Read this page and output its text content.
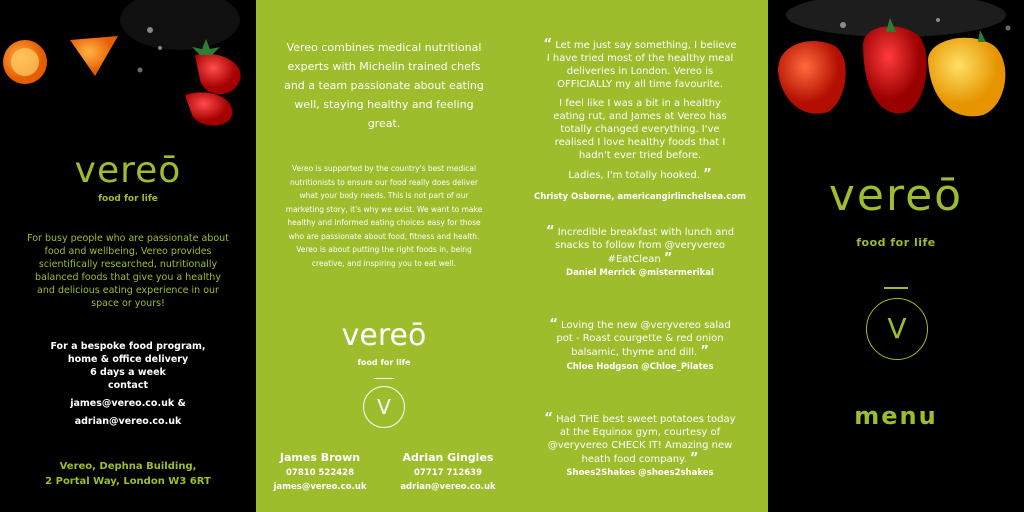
vereō
food for life
For busy people who are passionate about food and wellbeing, Vereo provides scientifically researched, nutritionally balanced foods that give you a healthy and delicious eating experience in our space or yours!
For a bespoke food program,
home & office delivery
6 days a week
contact
james@vereo.co.uk &
adrian@vereo.co.uk
Vereo, Dephna Building,
2 Portal Way, London W3 6RT
Vereo combines medical nutritional experts with Michelin trained chefs and a team passionate about eating well, staying healthy and feeling great.
Vereo is supported by the country's best medical nutritionists to ensure our food really does deliver what your body needs. This is not part of our marketing story, it's why we exist. We want to make healthy and informed eating choices easy for those who are passionate about food, fitness and health. Vereo is about putting the right foods in, being creative, and inspiring you to eat well.
vereō
food for life
V
James Brown
07810 522428
james@vereo.co.uk
Adrian Gingles
07717 712639
adrian@vereo.co.uk

“ Let me just say something, I believe I have tried most of the healthy meal deliveries in London. Vereo is OFFICIALLY my all time favourite.

I feel like I was a bit in a healthy eating rut, and James at Vereo has totally changed everything. I've realised I love healthy foods that I hadn't ever tried before.

Ladies, I'm totally hooked. ”

Christy Osborne, americangirlinchelsea.com
“ Incredible breakfast with lunch and snacks to follow from @veryvereo #EatClean ”
Daniel Merrick @mistermerikal
“ Loving the new @veryvereo salad pot - Roast courgette & red onion balsamic, thyme and dill. ”
Chloe Hodgson @Chloe_Pilates
“ Had THE best sweet potatoes today at the Equinox gym, courtesy of @veryvereo CHECK IT! Amazing new heath food company. ”
Shoes2Shakes @shoes2shakes
vereō
food for life
V
menu
